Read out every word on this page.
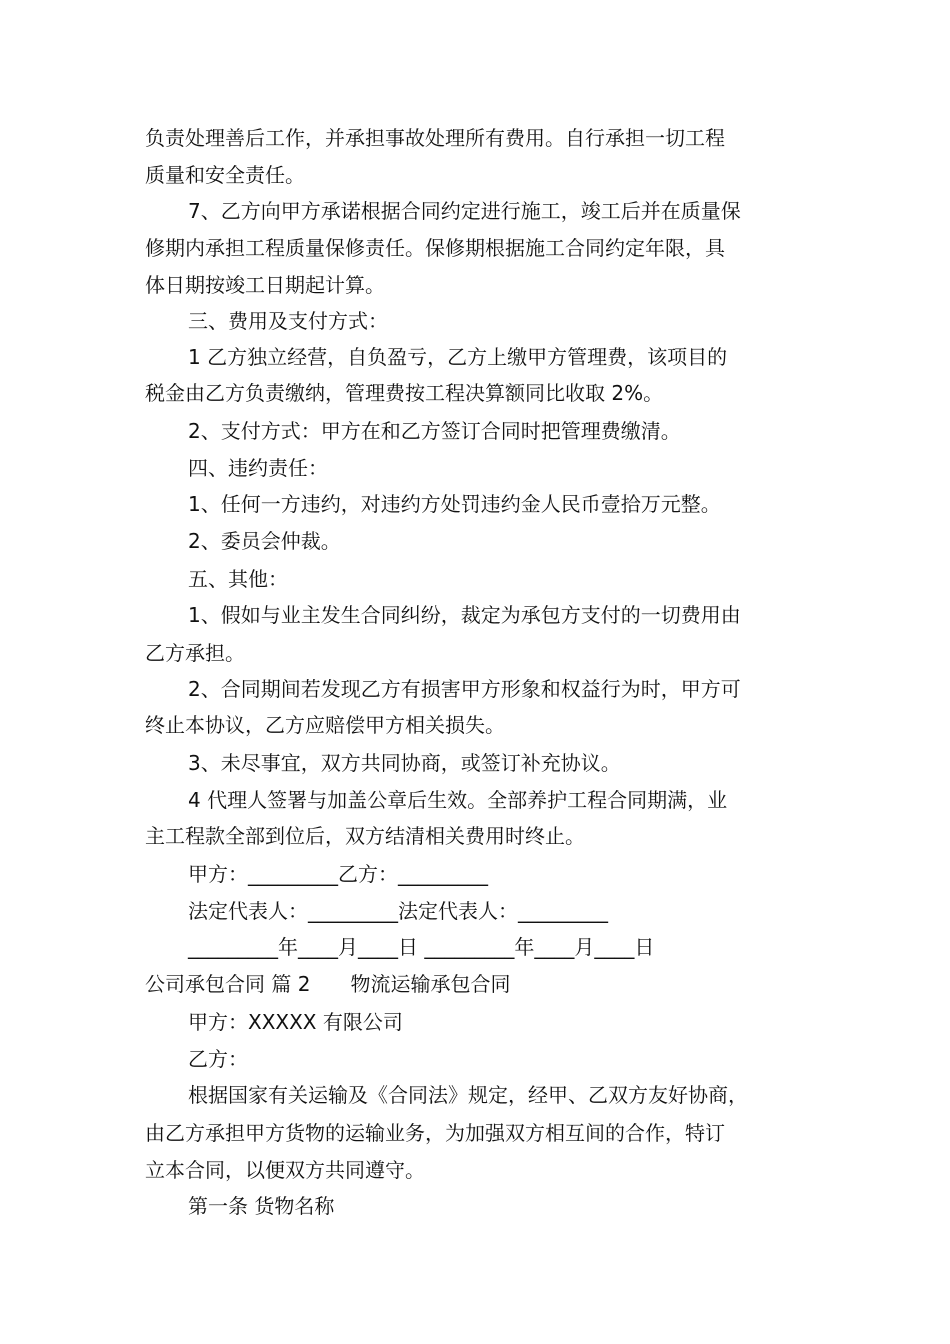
负责处理善后工作，并承担事故处理所有费用。自行承担一切工程
质量和安全责任。
7、乙方向甲方承诺根据合同约定进行施工，竣工后并在质量保
修期内承担工程质量保修责任。保修期根据施工合同约定年限，具
体日期按竣工日期起计算。
三、费用及支付方式：
1 乙方独立经营，自负盈亏，乙方上缴甲方管理费，该项目的
税金由乙方负责缴纳，管理费按工程决算额同比收取 2%。
2、支付方式：甲方在和乙方签订合同时把管理费缴清。
四、违约责任：
1、任何一方违约，对违约方处罚违约金人民币壹拾万元整。
2、委员会仲裁。
五、其他：
1、假如与业主发生合同纠纷，裁定为承包方支付的一切费用由
乙方承担。
2、合同期间若发现乙方有损害甲方形象和权益行为时，甲方可
终止本协议，乙方应赔偿甲方相关损失。
3、未尽事宜，双方共同协商，或签订补充协议。
4 代理人签署与加盖公章后生效。全部养护工程合同期满，业
主工程款全部到位后，双方结清相关费用时终止。
甲方：_________乙方：_________
法定代表人：_________法定代表人：_________
_________年____月____日 _________年____月____日
公司承包合同 篇 2　　物流运输承包合同
甲方：XXXXX 有限公司
乙方：
根据国家有关运输及《合同法》规定，经甲、乙双方友好协商，
由乙方承担甲方货物的运输业务，为加强双方相互间的合作，特订
立本合同，以便双方共同遵守。
第一条 货物名称
